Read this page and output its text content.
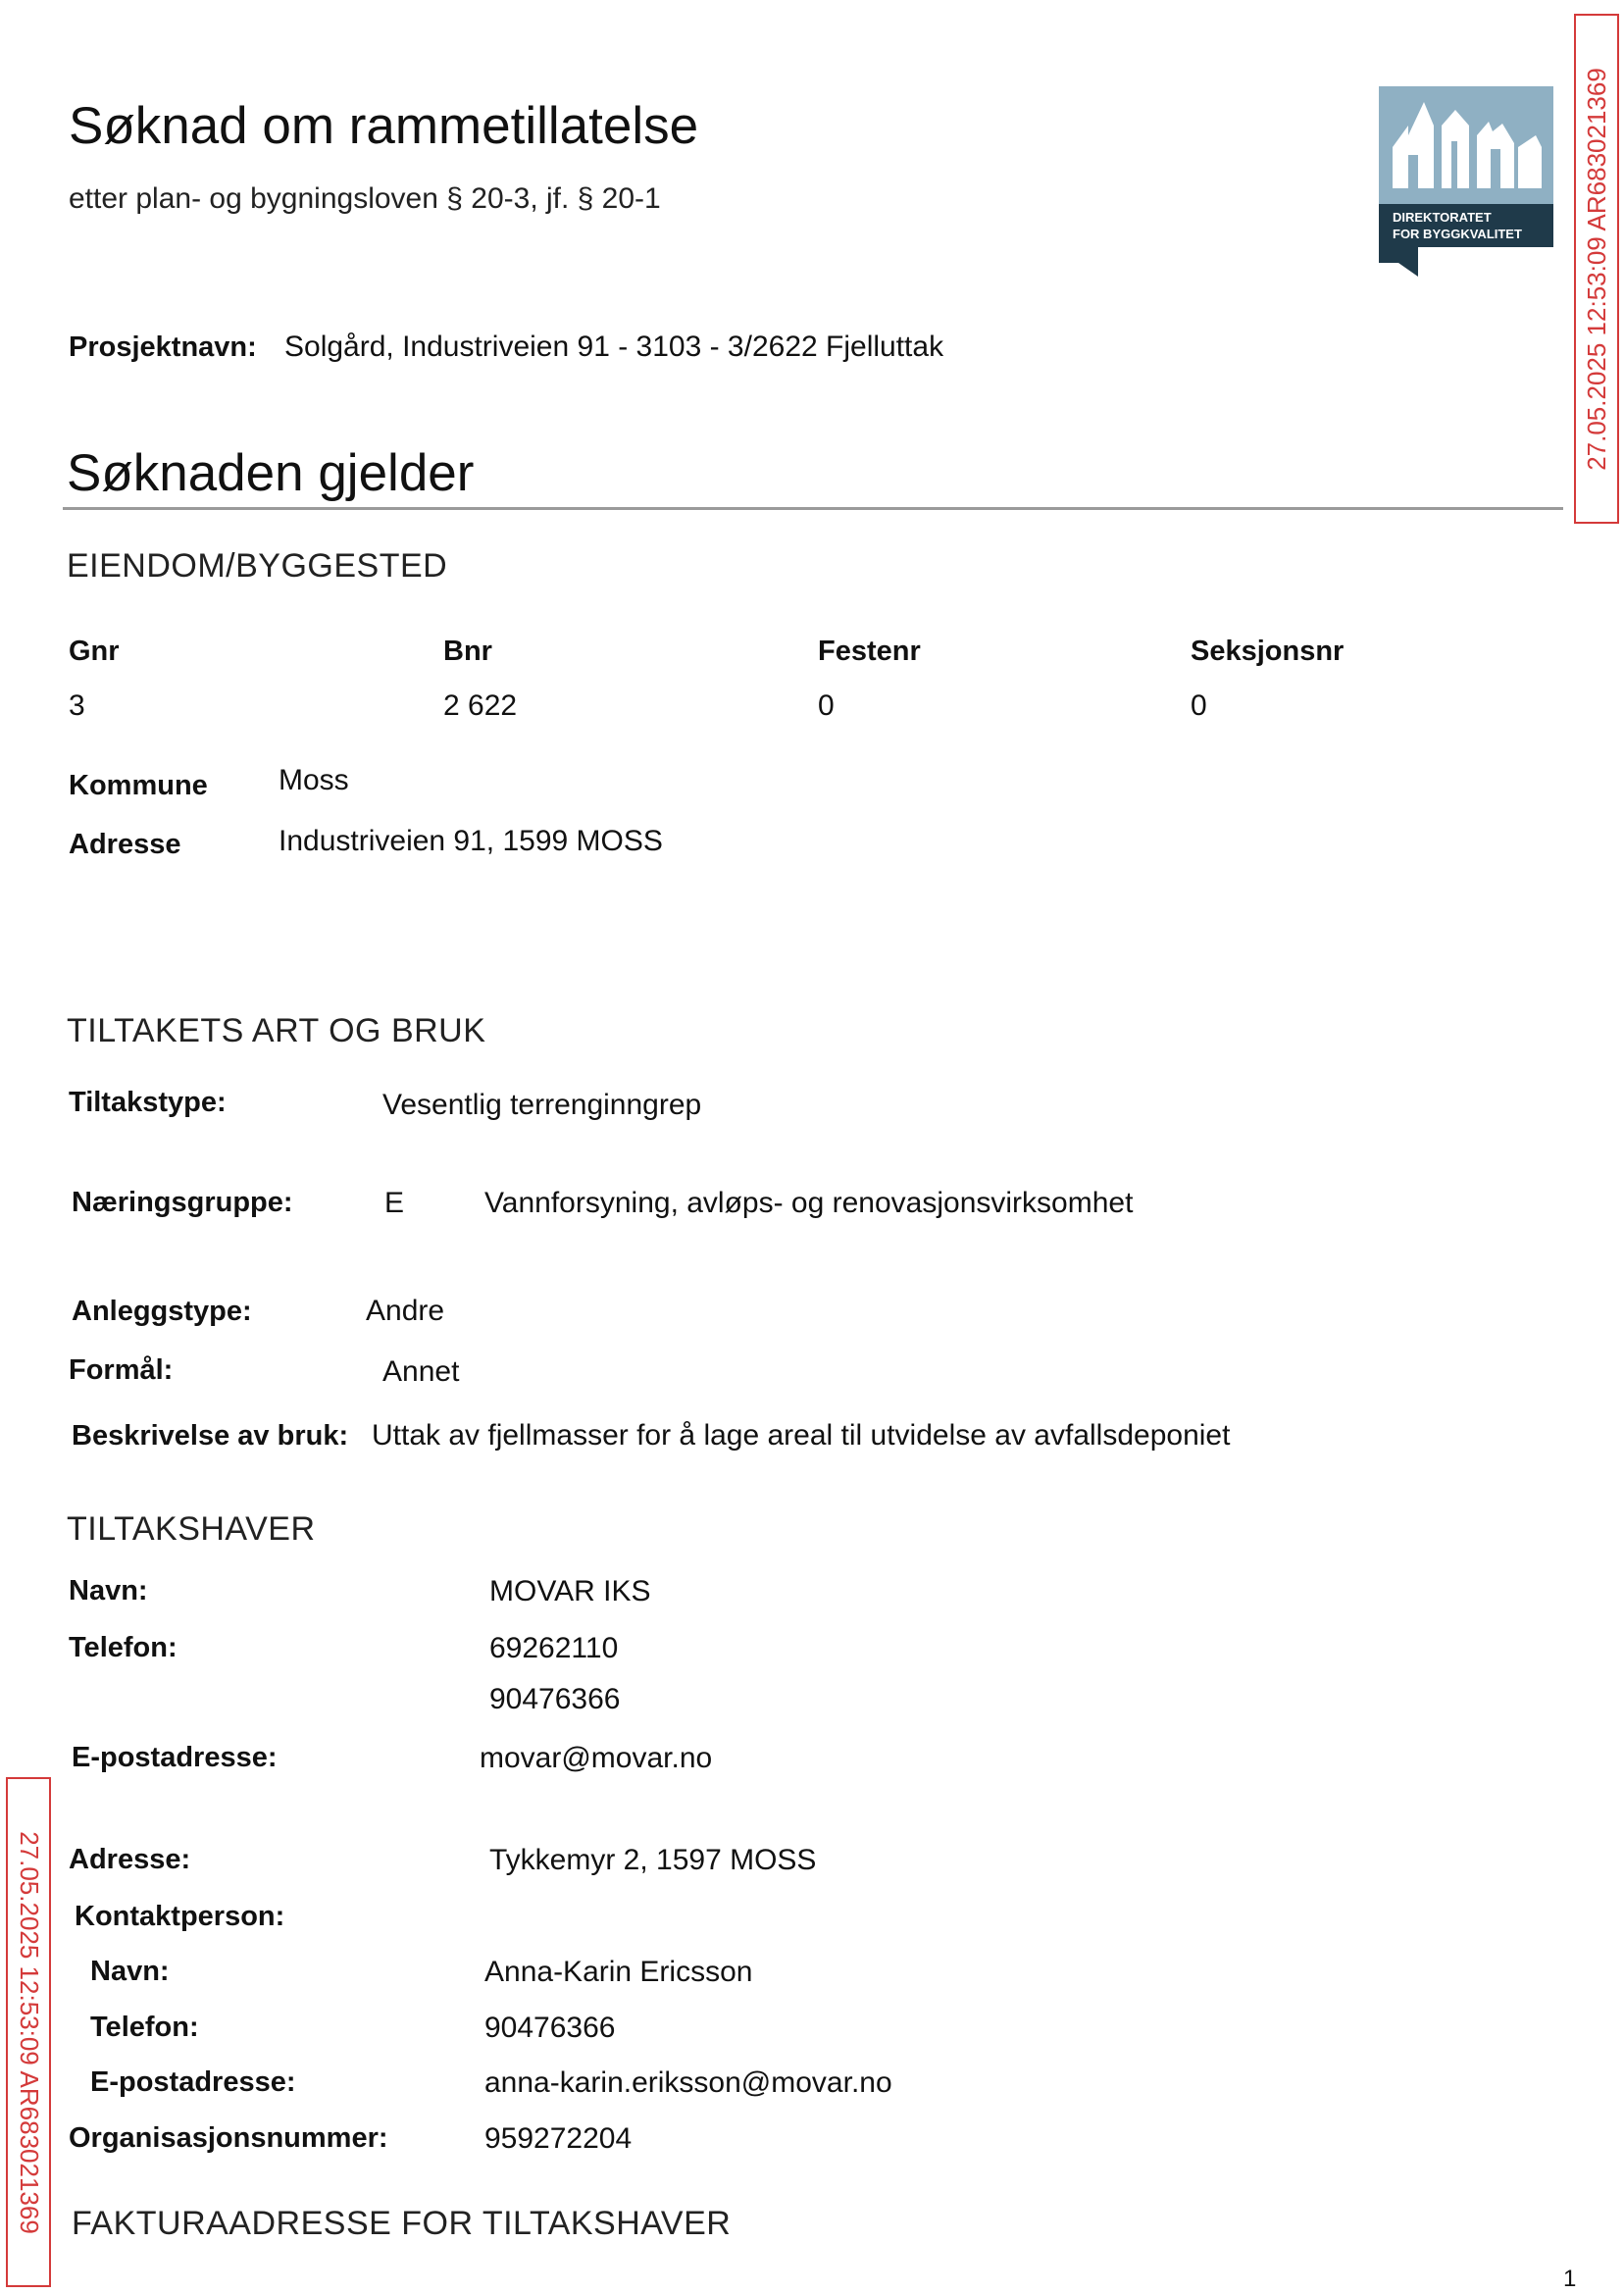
Søknad om rammetillatelse
etter plan- og bygningsloven § 20-3, jf. § 20-1
DIREKTORATET
FOR BYGGKVALITET 27.05.2025 12:53:09 AR683021369
27.05.2025 12:53:09 AR683021369
Prosjektnavn: Solgård, Industriveien 91 - 3103 - 3/2622 Fjelluttak
Søknaden gjelder
EIENDOM/BYGGESTED
Gnr	Bnr	Festenr	Seksjonsnr
3	2 622	0	0
Kommune Moss
Adresse	Industriveien 91, 1599 MOSS
TILTAKETS ART OG BRUK
Tiltakstype:	Vesentlig terrenginngrep
Næringsgruppe:	E	Vannforsyning, avløps- og renovasjonsvirksomhet
Anleggstype:	Andre
Formål:	Annet
Beskrivelse av bruk: Uttak av fjellmasser for å lage areal til utvidelse av avfallsdeponiet
TILTAKSHAVER
Navn:	MOVAR IKS
Telefon:	69262110
90476366
E-postadresse:	movar@movar.no
Adresse:	Tykkemyr 2, 1597 MOSS
Kontaktperson:
Navn:	Anna-Karin Ericsson
Telefon:	90476366
E-postadresse:	anna-karin.eriksson@movar.no
Organisasjonsnummer:	959272204
FAKTURAADRESSE FOR TILTAKSHAVER
1
